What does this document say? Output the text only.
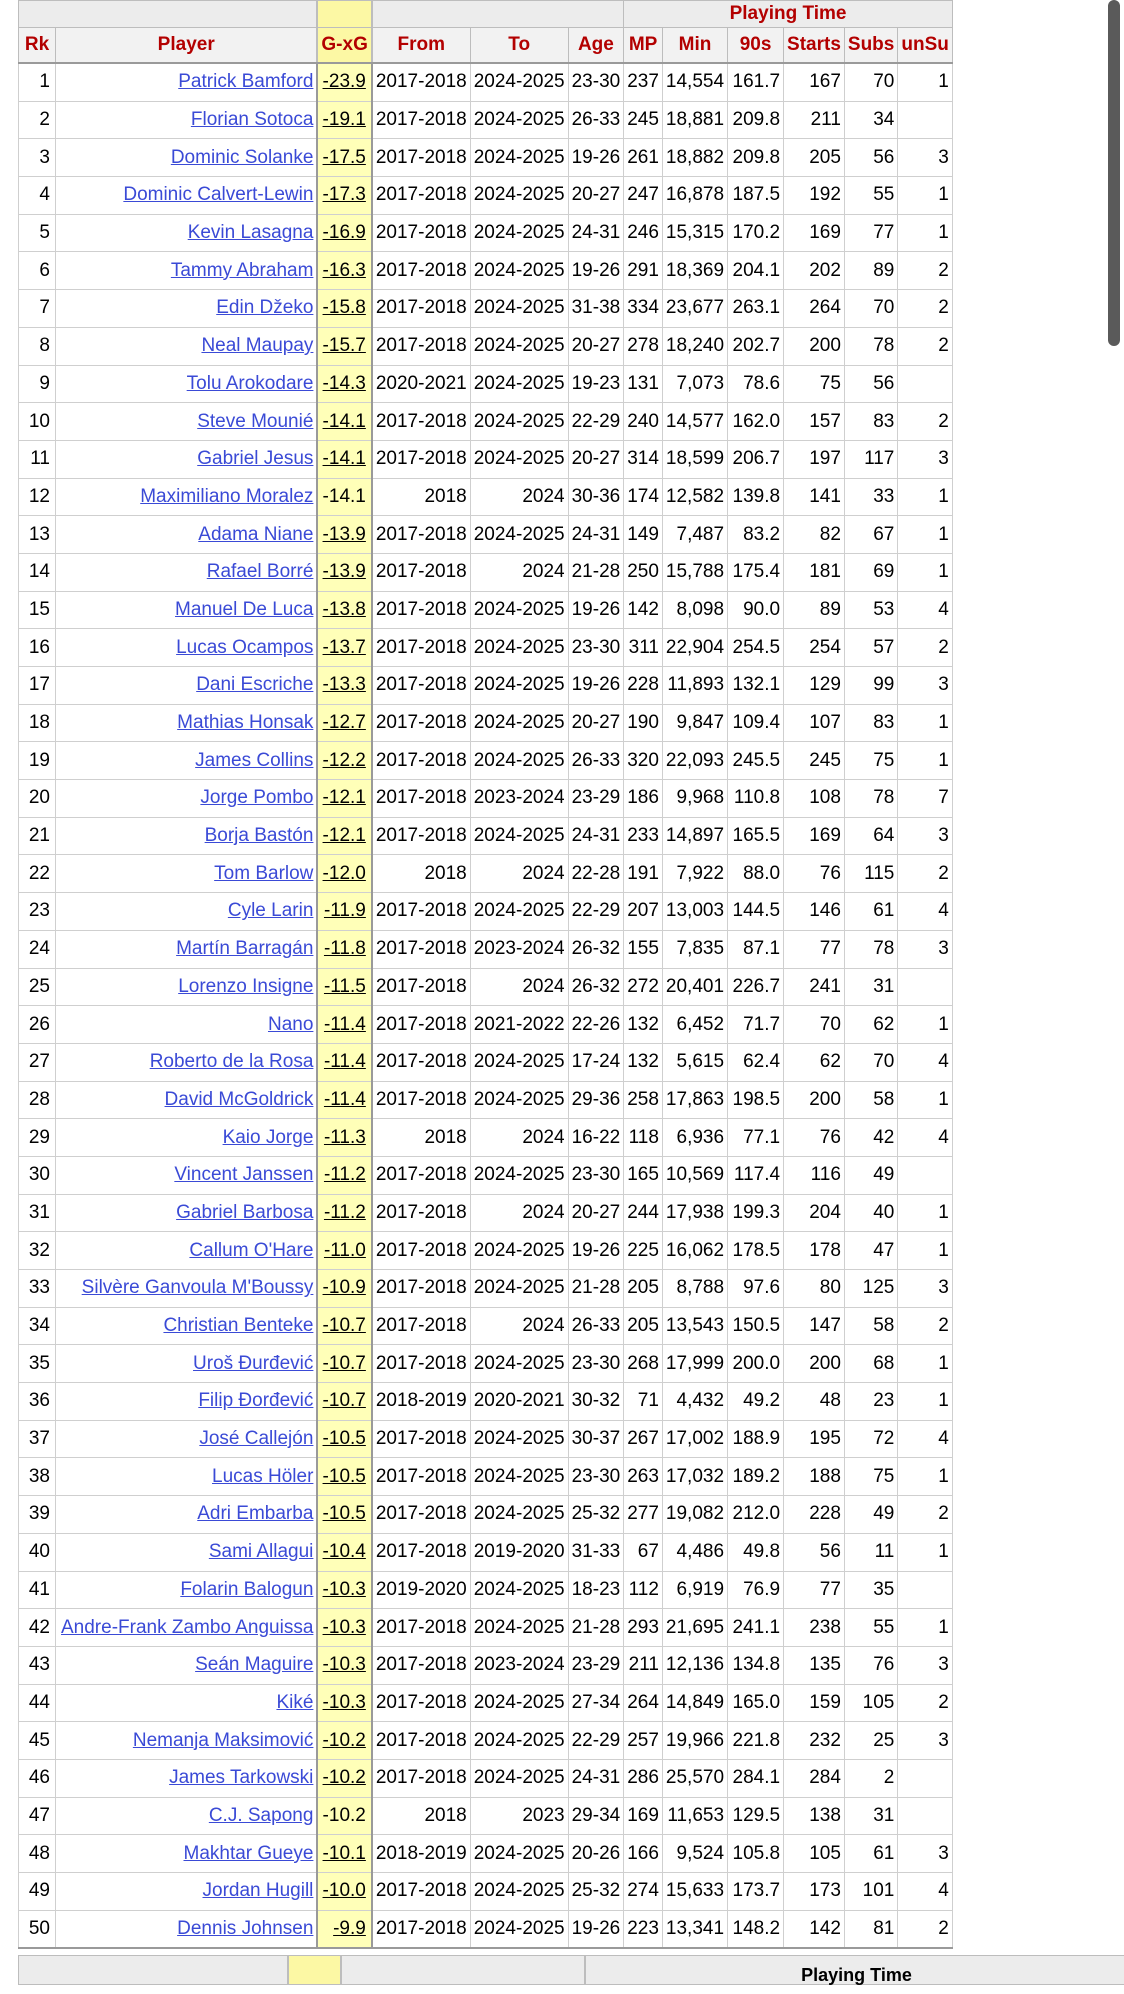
						Playing Time					
Rk	Player	G-xG	From	To	Age	MP	Min	90s	Starts	Subs	unSu
1	Patrick Bamford	-23.9	2017-2018	2024-2025	23-30	237	14,554	161.7	167	70	1
2	Florian Sotoca	-19.1	2017-2018	2024-2025	26-33	245	18,881	209.8	211	34	
3	Dominic Solanke	-17.5	2017-2018	2024-2025	19-26	261	18,882	209.8	205	56	3
4	Dominic Calvert-Lewin	-17.3	2017-2018	2024-2025	20-27	247	16,878	187.5	192	55	1
5	Kevin Lasagna	-16.9	2017-2018	2024-2025	24-31	246	15,315	170.2	169	77	1
6	Tammy Abraham	-16.3	2017-2018	2024-2025	19-26	291	18,369	204.1	202	89	2
7	Edin Džeko	-15.8	2017-2018	2024-2025	31-38	334	23,677	263.1	264	70	2
8	Neal Maupay	-15.7	2017-2018	2024-2025	20-27	278	18,240	202.7	200	78	2
9	Tolu Arokodare	-14.3	2020-2021	2024-2025	19-23	131	7,073	78.6	75	56	
10	Steve Mounié	-14.1	2017-2018	2024-2025	22-29	240	14,577	162.0	157	83	2
11	Gabriel Jesus	-14.1	2017-2018	2024-2025	20-27	314	18,599	206.7	197	117	3
12	Maximiliano Moralez	-14.1	2018	2024	30-36	174	12,582	139.8	141	33	1
13	Adama Niane	-13.9	2017-2018	2024-2025	24-31	149	7,487	83.2	82	67	1
14	Rafael Borré	-13.9	2017-2018	2024	21-28	250	15,788	175.4	181	69	1
15	Manuel De Luca	-13.8	2017-2018	2024-2025	19-26	142	8,098	90.0	89	53	4
16	Lucas Ocampos	-13.7	2017-2018	2024-2025	23-30	311	22,904	254.5	254	57	2
17	Dani Escriche	-13.3	2017-2018	2024-2025	19-26	228	11,893	132.1	129	99	3
18	Mathias Honsak	-12.7	2017-2018	2024-2025	20-27	190	9,847	109.4	107	83	1
19	James Collins	-12.2	2017-2018	2024-2025	26-33	320	22,093	245.5	245	75	1
20	Jorge Pombo	-12.1	2017-2018	2023-2024	23-29	186	9,968	110.8	108	78	7
21	Borja Bastón	-12.1	2017-2018	2024-2025	24-31	233	14,897	165.5	169	64	3
22	Tom Barlow	-12.0	2018	2024	22-28	191	7,922	88.0	76	115	2
23	Cyle Larin	-11.9	2017-2018	2024-2025	22-29	207	13,003	144.5	146	61	4
24	Martín Barragán	-11.8	2017-2018	2023-2024	26-32	155	7,835	87.1	77	78	3
25	Lorenzo Insigne	-11.5	2017-2018	2024	26-32	272	20,401	226.7	241	31	
26	Nano	-11.4	2017-2018	2021-2022	22-26	132	6,452	71.7	70	62	1
27	Roberto de la Rosa	-11.4	2017-2018	2024-2025	17-24	132	5,615	62.4	62	70	4
28	David McGoldrick	-11.4	2017-2018	2024-2025	29-36	258	17,863	198.5	200	58	1
29	Kaio Jorge	-11.3	2018	2024	16-22	118	6,936	77.1	76	42	4
30	Vincent Janssen	-11.2	2017-2018	2024-2025	23-30	165	10,569	117.4	116	49	
31	Gabriel Barbosa	-11.2	2017-2018	2024	20-27	244	17,938	199.3	204	40	1
32	Callum O'Hare	-11.0	2017-2018	2024-2025	19-26	225	16,062	178.5	178	47	1
33	Silvère Ganvoula M'Boussy	-10.9	2017-2018	2024-2025	21-28	205	8,788	97.6	80	125	3
34	Christian Benteke	-10.7	2017-2018	2024	26-33	205	13,543	150.5	147	58	2
35	Uroš Đurđević	-10.7	2017-2018	2024-2025	23-30	268	17,999	200.0	200	68	1
36	Filip Đorđević	-10.7	2018-2019	2020-2021	30-32	71	4,432	49.2	48	23	1
37	José Callejón	-10.5	2017-2018	2024-2025	30-37	267	17,002	188.9	195	72	4
38	Lucas Höler	-10.5	2017-2018	2024-2025	23-30	263	17,032	189.2	188	75	1
39	Adri Embarba	-10.5	2017-2018	2024-2025	25-32	277	19,082	212.0	228	49	2
40	Sami Allagui	-10.4	2017-2018	2019-2020	31-33	67	4,486	49.8	56	11	1
41	Folarin Balogun	-10.3	2019-2020	2024-2025	18-23	112	6,919	76.9	77	35	
42	Andre-Frank Zambo Anguissa	-10.3	2017-2018	2024-2025	21-28	293	21,695	241.1	238	55	1
43	Seán Maguire	-10.3	2017-2018	2023-2024	23-29	211	12,136	134.8	135	76	3
44	Kiké	-10.3	2017-2018	2024-2025	27-34	264	14,849	165.0	159	105	2
45	Nemanja Maksimović	-10.2	2017-2018	2024-2025	22-29	257	19,966	221.8	232	25	3
46	James Tarkowski	-10.2	2017-2018	2024-2025	24-31	286	25,570	284.1	284	2	
47	C.J. Sapong	-10.2	2018	2023	29-34	169	11,653	129.5	138	31	
48	Makhtar Gueye	-10.1	2018-2019	2024-2025	20-26	166	9,524	105.8	105	61	3
49	Jordan Hugill	-10.0	2017-2018	2024-2025	25-32	274	15,633	173.7	173	101	4
50	Dennis Johnsen	-9.9	2017-2018	2024-2025	19-26	223	13,341	148.2	142	81	2
Playing Time
